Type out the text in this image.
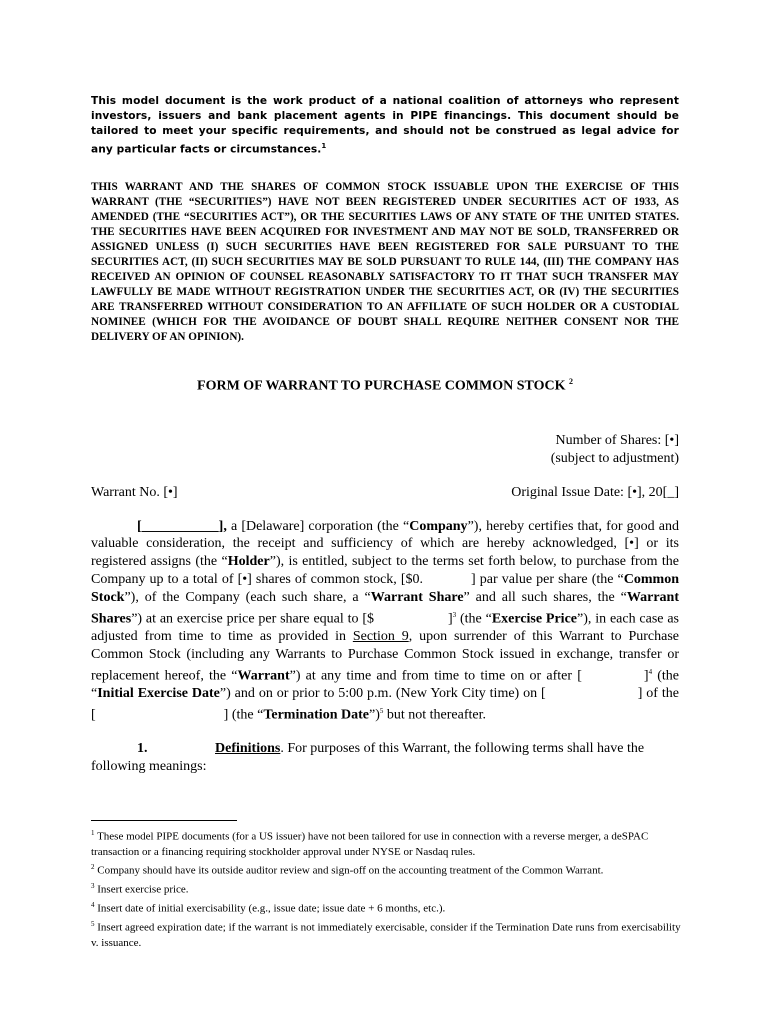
This model document is the work product of a national coalition of attorneys who represent investors, issuers and bank placement agents in PIPE financings. This document should be tailored to meet your specific requirements, and should not be construed as legal advice for any particular facts or circumstances.$^1$

THIS WARRANT AND THE SHARES OF COMMON STOCK ISSUABLE UPON THE EXERCISE OF THIS WARRANT (THE “SECURITIES”) HAVE NOT BEEN REGISTERED UNDER SECURITIES ACT OF 1933, AS AMENDED (THE “SECURITIES ACT”), OR THE SECURITIES LAWS OF ANY STATE OF THE UNITED STATES. THE SECURITIES HAVE BEEN ACQUIRED FOR INVESTMENT AND MAY NOT BE SOLD, TRANSFERRED OR ASSIGNED UNLESS (I) SUCH SECURITIES HAVE BEEN REGISTERED FOR SALE PURSUANT TO THE SECURITIES ACT, (II) SUCH SECURITIES MAY BE SOLD PURSUANT TO RULE 144, (III) THE COMPANY HAS RECEIVED AN OPINION OF COUNSEL REASONABLY SATISFACTORY TO IT THAT SUCH TRANSFER MAY LAWFULLY BE MADE WITHOUT REGISTRATION UNDER THE SECURITIES ACT, OR (IV) THE SECURITIES ARE TRANSFERRED WITHOUT CONSIDERATION TO AN AFFILIATE OF SUCH HOLDER OR A CUSTODIAL NOMINEE (WHICH FOR THE AVOIDANCE OF DOUBT SHALL REQUIRE NEITHER CONSENT NOR THE DELIVERY OF AN OPINION).

FORM OF WARRANT TO PURCHASE COMMON STOCK $^2$
Number of Shares: [•]
(subject to adjustment)
Warrant No. [•]	Original Issue Date: [•], 20[_]

[___________], a [Delaware] corporation (the “Company”), hereby certifies that, for good and valuable consideration, the receipt and sufficiency of which are hereby acknowledged, [•] or its registered assigns (the “Holder”), is entitled, subject to the terms set forth below, to purchase from the Company up to a total of [•] shares of common stock, [$0.	] par value per share (the “Common Stock”), of the Company (each such share, a “Warrant Share” and all such shares, the “Warrant Shares”) at an exercise price per share equal to [$	]$^3$ (the “Exercise Price”), in each case as adjusted from time to time as provided in Section 9, upon surrender of this Warrant to Purchase Common Stock (including any Warrants to Purchase Common Stock issued in exchange, transfer or replacement hereof, the “Warrant”) at any time and from time to time on or after [	]$^4$ (the “Initial Exercise Date”) and on or prior to 5:00 p.m. (New York City time) on [	] of the [	] (the “Termination Date”)$^5$ but not thereafter.

1.	Definitions. For purposes of this Warrant, the following terms shall have the following meanings:

$^1$ These model PIPE documents (for a US issuer) have not been tailored for use in connection with a reverse merger, a deSPAC transaction or a financing requiring stockholder approval under NYSE or Nasdaq rules.

$^2$ Company should have its outside auditor review and sign-off on the accounting treatment of the Common Warrant.

$^3$ Insert exercise price.

$^4$ Insert date of initial exercisability (e.g., issue date; issue date + 6 months, etc.).

$^5$ Insert agreed expiration date; if the warrant is not immediately exercisable, consider if the Termination Date runs from exercisability v. issuance.
